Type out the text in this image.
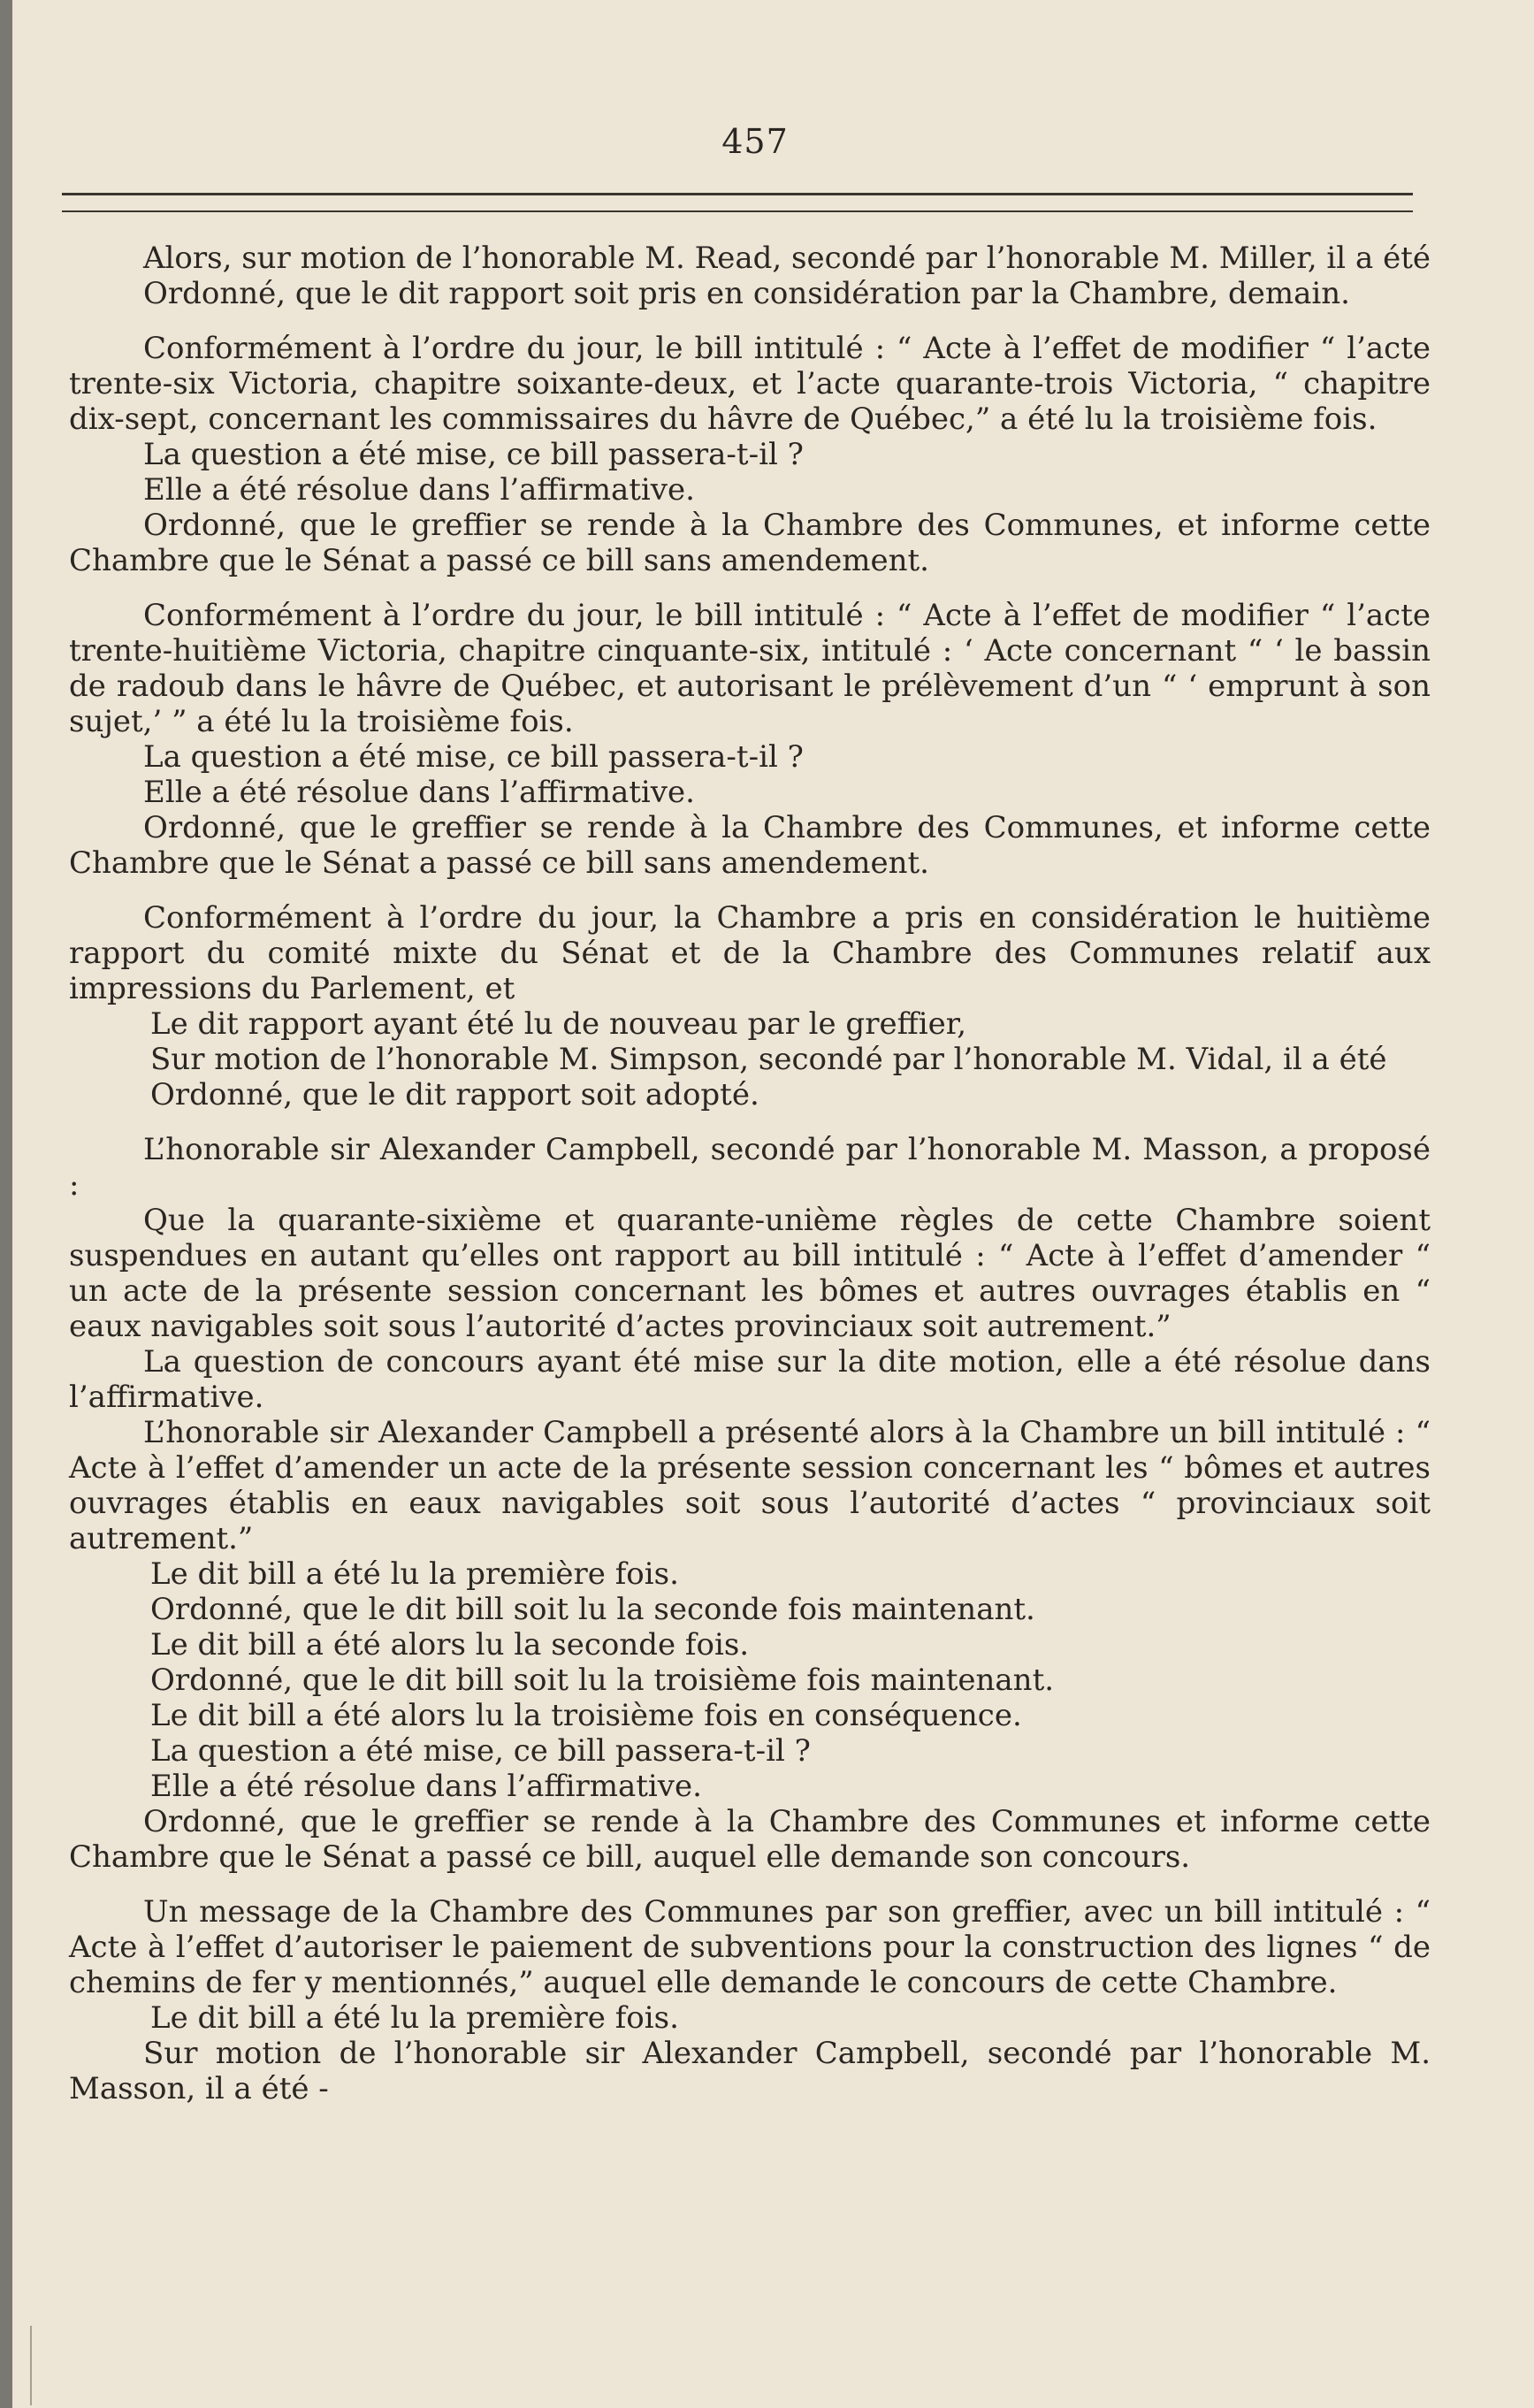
457

Alors, sur motion de l’honorable M. Read, secondé par l’honorable M. Miller, il a été

Ordonné, que le dit rapport soit pris en considération par la Chambre, demain.

Conformément à l’ordre du jour, le bill intitulé : “ Acte à l’effet de modifier “ l’acte trente-six Victoria, chapitre soixante-deux, et l’acte quarante-trois Victoria, “ chapitre dix-sept, concernant les commissaires du hâvre de Québec,” a été lu la troisième fois.

La question a été mise, ce bill passera-t-il ?

Elle a été résolue dans l’affirmative.

Ordonné, que le greffier se rende à la Chambre des Communes, et informe cette Chambre que le Sénat a passé ce bill sans amendement.

Conformément à l’ordre du jour, le bill intitulé : “ Acte à l’effet de modifier “ l’acte trente-huitième Victoria, chapitre cinquante-six, intitulé : ‘ Acte concernant “ ‘ le bassin de radoub dans le hâvre de Québec, et autorisant le prélèvement d’un “ ‘ emprunt à son sujet,’ ” a été lu la troisième fois.

La question a été mise, ce bill passera-t-il ?

Elle a été résolue dans l’affirmative.

Ordonné, que le greffier se rende à la Chambre des Communes, et informe cette Chambre que le Sénat a passé ce bill sans amendement.

Conformément à l’ordre du jour, la Chambre a pris en considération le huitième rapport du comité mixte du Sénat et de la Chambre des Communes relatif aux impressions du Parlement, et

Le dit rapport ayant été lu de nouveau par le greffier,

Sur motion de l’honorable M. Simpson, secondé par l’honorable M. Vidal, il a été

Ordonné, que le dit rapport soit adopté.

L’honorable sir Alexander Campbell, secondé par l’honorable M. Masson, a proposé :

Que la quarante-sixième et quarante-unième règles de cette Chambre soient suspendues en autant qu’elles ont rapport au bill intitulé : “ Acte à l’effet d’amender “ un acte de la présente session concernant les bômes et autres ouvrages établis en “ eaux navigables soit sous l’autorité d’actes provinciaux soit autrement.”

La question de concours ayant été mise sur la dite motion, elle a été résolue dans l’affirmative.

L’honorable sir Alexander Campbell a présenté alors à la Chambre un bill intitulé : “ Acte à l’effet d’amender un acte de la présente session concernant les “ bômes et autres ouvrages établis en eaux navigables soit sous l’autorité d’actes “ provinciaux soit autrement.”

Le dit bill a été lu la première fois.

Ordonné, que le dit bill soit lu la seconde fois maintenant.

Le dit bill a été alors lu la seconde fois.

Ordonné, que le dit bill soit lu la troisième fois maintenant.

Le dit bill a été alors lu la troisième fois en conséquence.

La question a été mise, ce bill passera-t-il ?

Elle a été résolue dans l’affirmative.

Ordonné, que le greffier se rende à la Chambre des Communes et informe cette Chambre que le Sénat a passé ce bill, auquel elle demande son concours.

Un message de la Chambre des Communes par son greffier, avec un bill intitulé : “ Acte à l’effet d’autoriser le paiement de subventions pour la construction des lignes “ de chemins de fer y mentionnés,” auquel elle demande le concours de cette Chambre.

Le dit bill a été lu la première fois.

Sur motion de l’honorable sir Alexander Campbell, secondé par l’honorable M. Masson, il a été -
